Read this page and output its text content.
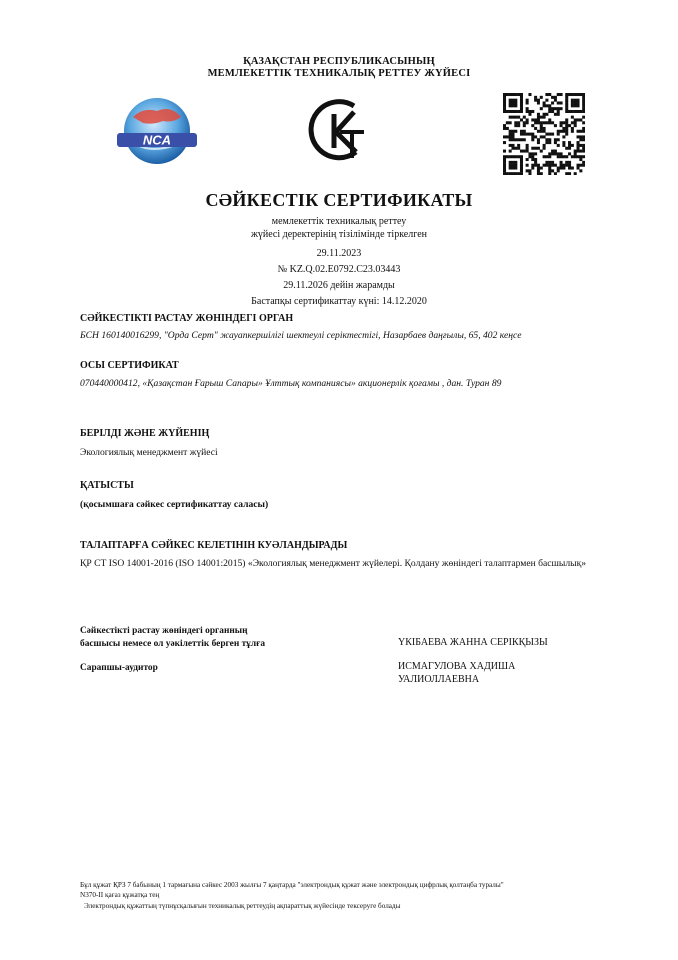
ҚАЗАҚСТАН РЕСПУБЛИКАСЫНЫҢ
МЕМЛЕКЕТТІК ТЕХНИКАЛЫҚ РЕТТЕУ ЖҮЙЕСІ
NCA
СӘЙКЕСТІК СЕРТИФИКАТЫ
мемлекеттік техникалық реттеу
жүйесі деректерінің тізілімінде тіркелген
29.11.2023
№ KZ.Q.02.E0792.C23.03443
29.11.2026 дейін жарамды
Бастапқы сертификаттау күні: 14.12.2020
СӘЙКЕСТІКТІ РАСТАУ ЖӨНІНДЕГІ ОРГАН
БСН 160140016299, "Орда Серт" жауапкершілігі шектеулі серіктестігі, Назарбаев даңғылы, 65, 402 кеңсе
ОСЫ СЕРТИФИКАТ
070440000412, «Қазақстан Ғарыш Сапары» Ұлттық компаниясы» акционерлік қоғамы , дан. Туран 89
БЕРІЛДІ ЖӘНЕ ЖҮЙЕНІҢ
Экологиялық менеджмент жүйесі
ҚАТЫСТЫ
(қосымшаға сәйкес сертификаттау саласы)
ТАЛАПТАРҒА СӘЙКЕС КЕЛЕТІНІН КУӘЛАНДЫРАДЫ
ҚР СТ ISO 14001-2016 (ISO 14001:2015) «Экологиялық менеджмент жүйелері. Қолдану жөніндегі талаптармен басшылық»
Сәйкестікті растау жөніндегі органның
басшысы немесе ол уәкілеттік берген тұлға	ҮКІБАЕВА ЖАННА СЕРІКҚЫЗЫ
Сарапшы-аудитор	ИСМАГУЛОВА ХАДИША
УАЛИОЛЛАЕВНА
Бұл құжат ҚРЗ 7 бабының 1 тармағына сәйкес 2003 жылғы 7 қаңтарда "электрондық құжат және электрондық цифрлық қолтаңба туралы"
N370-II қағаз құжатқа тең
Электрондық құжаттың түпнұсқалығын техникалық реттеудің ақпараттық жүйесінде тексеруге болады
